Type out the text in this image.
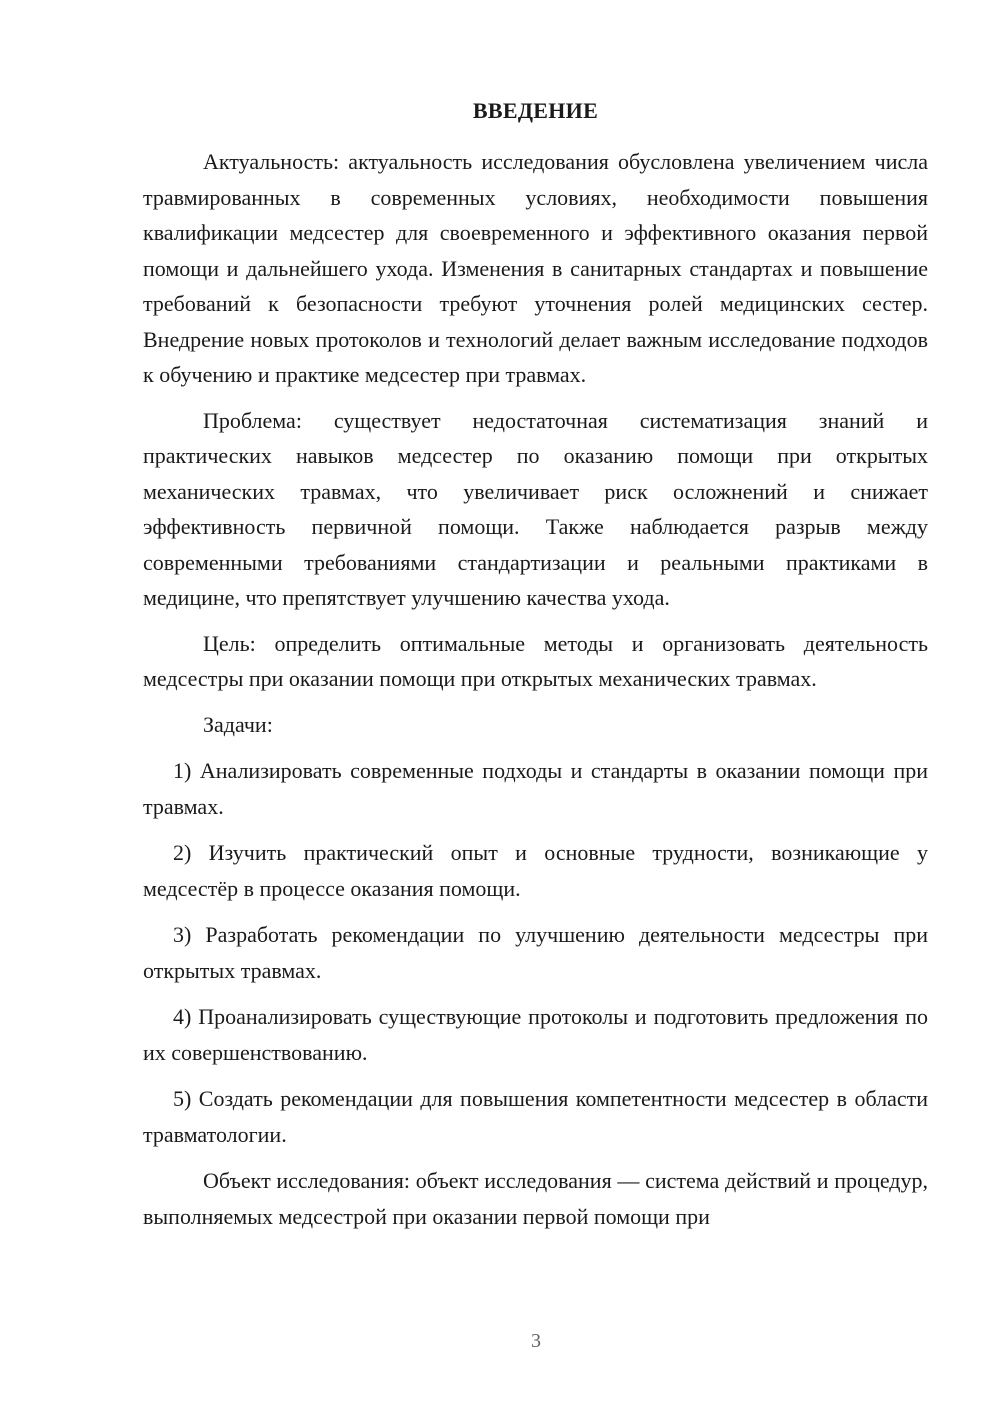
ВВЕДЕНИЕ

Актуальность: актуальность исследования обусловлена увеличением числа травмированных в современных условиях, необходимости повышения квалификации медсестер для своевременного и эффективного оказания первой помощи и дальнейшего ухода. Изменения в санитарных стандартах и повышение требований к безопасности требуют уточнения ролей медицинских сестер. Внедрение новых протоколов и технологий делает важным исследование подходов к обучению и практике медсестер при травмах.

Проблема: существует недостаточная систематизация знаний и практических навыков медсестер по оказанию помощи при открытых механических травмах, что увеличивает риск осложнений и снижает эффективность первичной помощи. Также наблюдается разрыв между современными требованиями стандартизации и реальными практиками в медицине, что препятствует улучшению качества ухода.

Цель: определить оптимальные методы и организовать деятельность медсестры при оказании помощи при открытых механических травмах.

Задачи:

1) Анализировать современные подходы и стандарты в оказании помощи при травмах.

2) Изучить практический опыт и основные трудности, возникающие у медсестёр в процессе оказания помощи.

3) Разработать рекомендации по улучшению деятельности медсестры при открытых травмах.

4) Проанализировать существующие протоколы и подготовить предложения по их совершенствованию.

5) Создать рекомендации для повышения компетентности медсестер в области травматологии.

Объект исследования: объект исследования — система действий и процедур, выполняемых медсестрой при оказании первой помощи при

3
